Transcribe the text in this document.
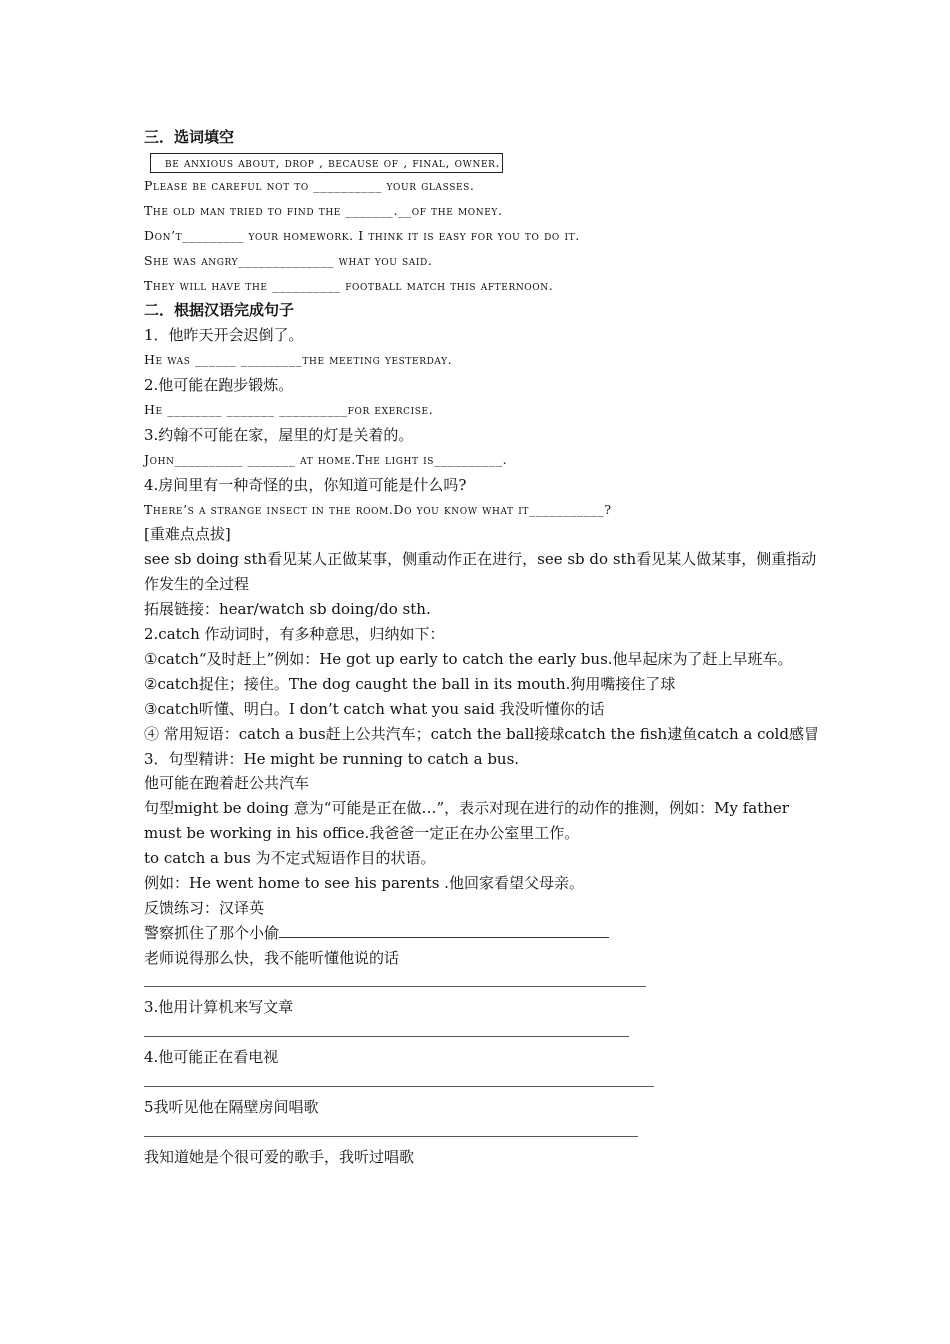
三．选词填空
be anxious about, drop , because of , final, owner.
Please be careful not to __________ your glasses.
The old man tried to find the _______.__of the money.
Don’t_________ your homework. I think it is easy for you to do it.
She was angry______________ what you said.
They will have the __________ football match this afternoon.
二．根据汉语完成句子
1．他昨天开会迟倒了。
He was ______ _________the meeting yesterday.
2.他可能在跑步锻炼。
He ________ _______ __________for exercise.
3.约翰不可能在家，屋里的灯是关着的。
John__________ _______ at home.The light is__________.
4.房间里有一种奇怪的虫，你知道可能是什么吗?
There’s a strange insect in the room.Do you know what it___________?
[重难点点拔]
see sb doing sth看见某人正做某事，侧重动作正在进行，see sb do sth看见某人做某事，侧重指动作发生的全过程
拓展链接：hear/watch sb doing/do sth.
2.catch 作动词时，有多种意思，归纳如下：
①catch“及时赶上”例如：He got up early to catch the early bus.他早起床为了赶上早班车。
②catch捉住；接住。The dog caught the ball in its mouth.狗用嘴接住了球
③catch听懂、明白。I don’t catch what you said 我没听懂你的话
④ 常用短语：catch a bus赶上公共汽车；catch the ball接球catch the fish逮鱼catch a cold感冒
3．句型精讲：He might be running to catch a bus.
他可能在跑着赶公共汽车
句型might be doing 意为“可能是正在做…”，表示对现在进行的动作的推测，例如：My father must be working in his office.我爸爸一定正在办公室里工作。
to catch a bus 为不定式短语作目的状语。
例如：He went home to see his parents .他回家看望父母亲。
反馈练习：汉译英
警察抓住了那个小偷
老师说得那么快，我不能听懂他说的话
3.他用计算机来写文章
4.他可能正在看电视
5我听见他在隔壁房间唱歌
我知道她是个很可爱的歌手，我听过唱歌
